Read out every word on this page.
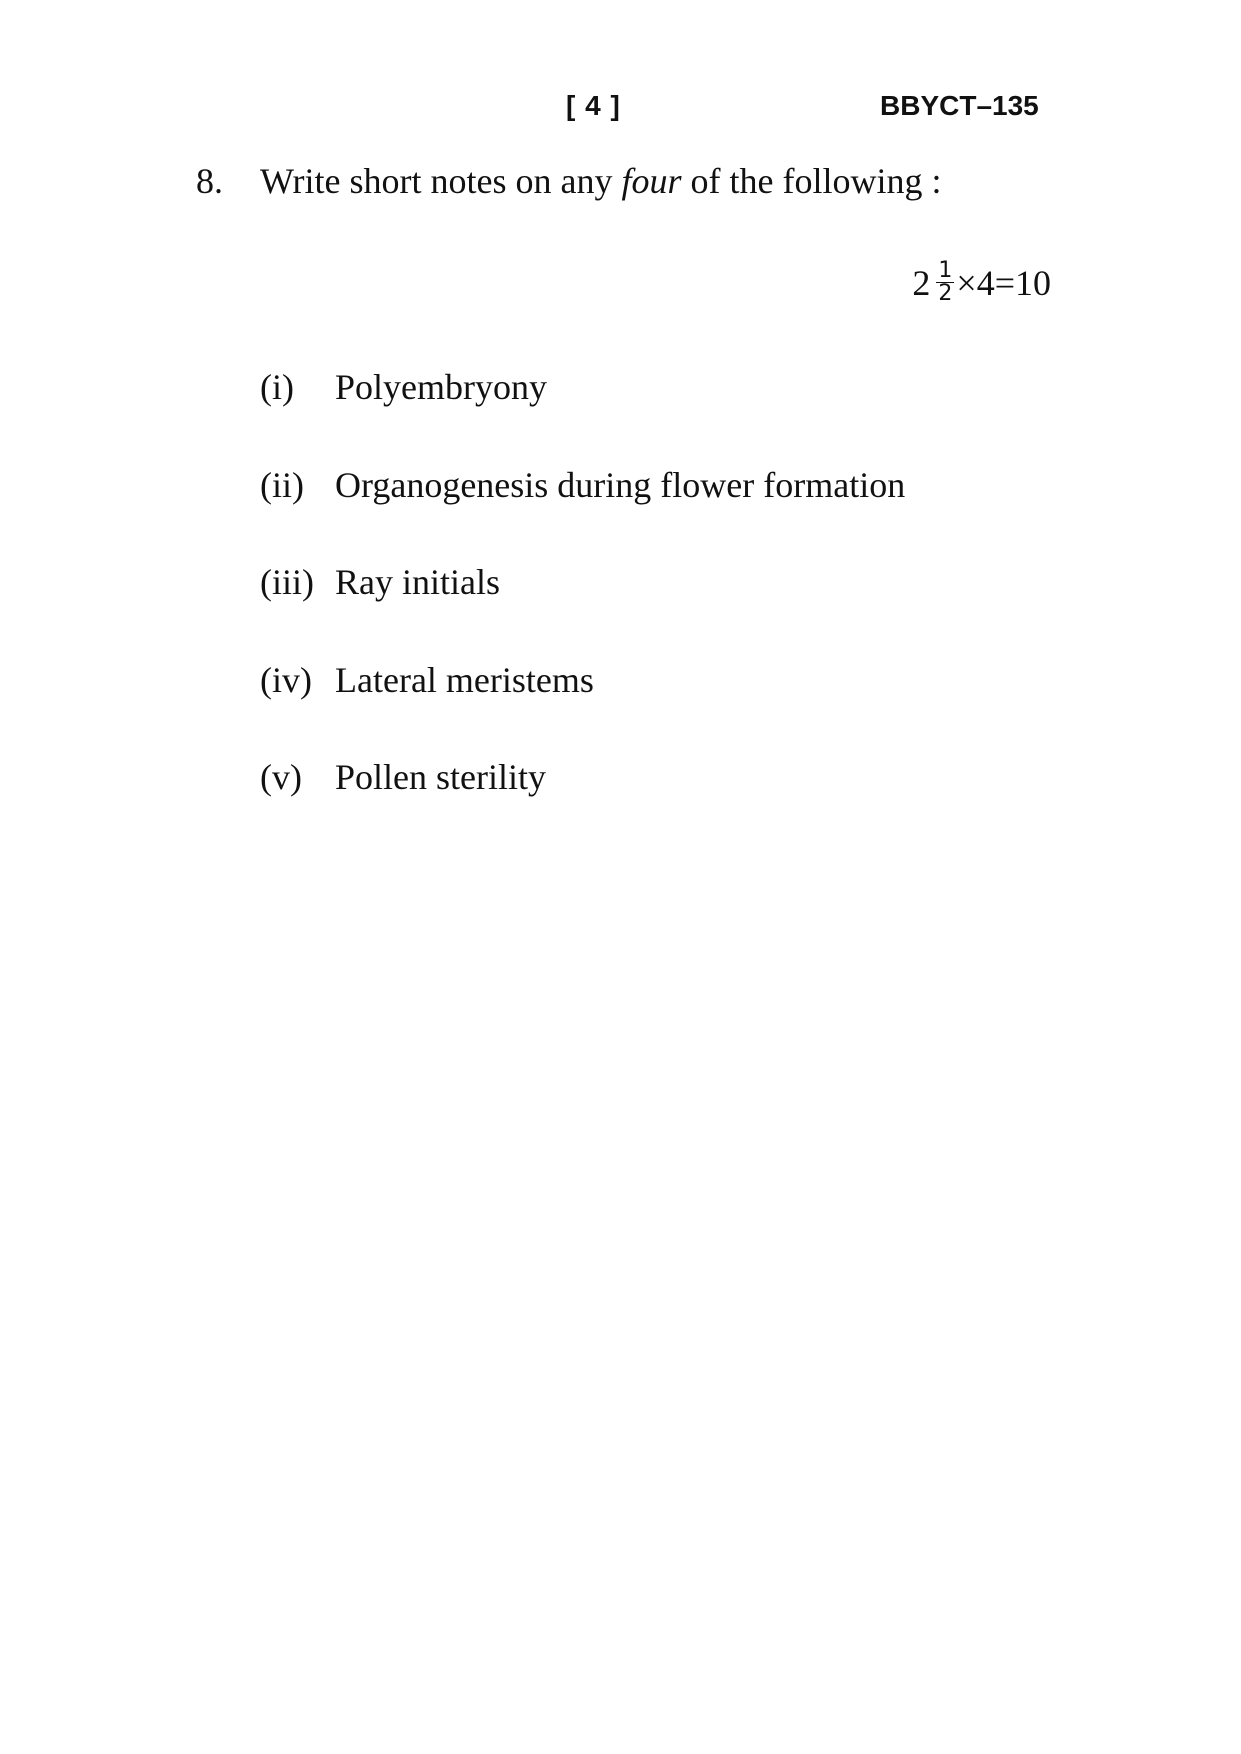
[ 4 ]	BBYCT–135
8. Write short notes on any four of the following :
$2 \frac{1}{2} \times 4=10$
(i) Polyembryony
(ii) Organogenesis during flower formation
(iii) Ray initials
(iv) Lateral meristems
(v) Pollen sterility
